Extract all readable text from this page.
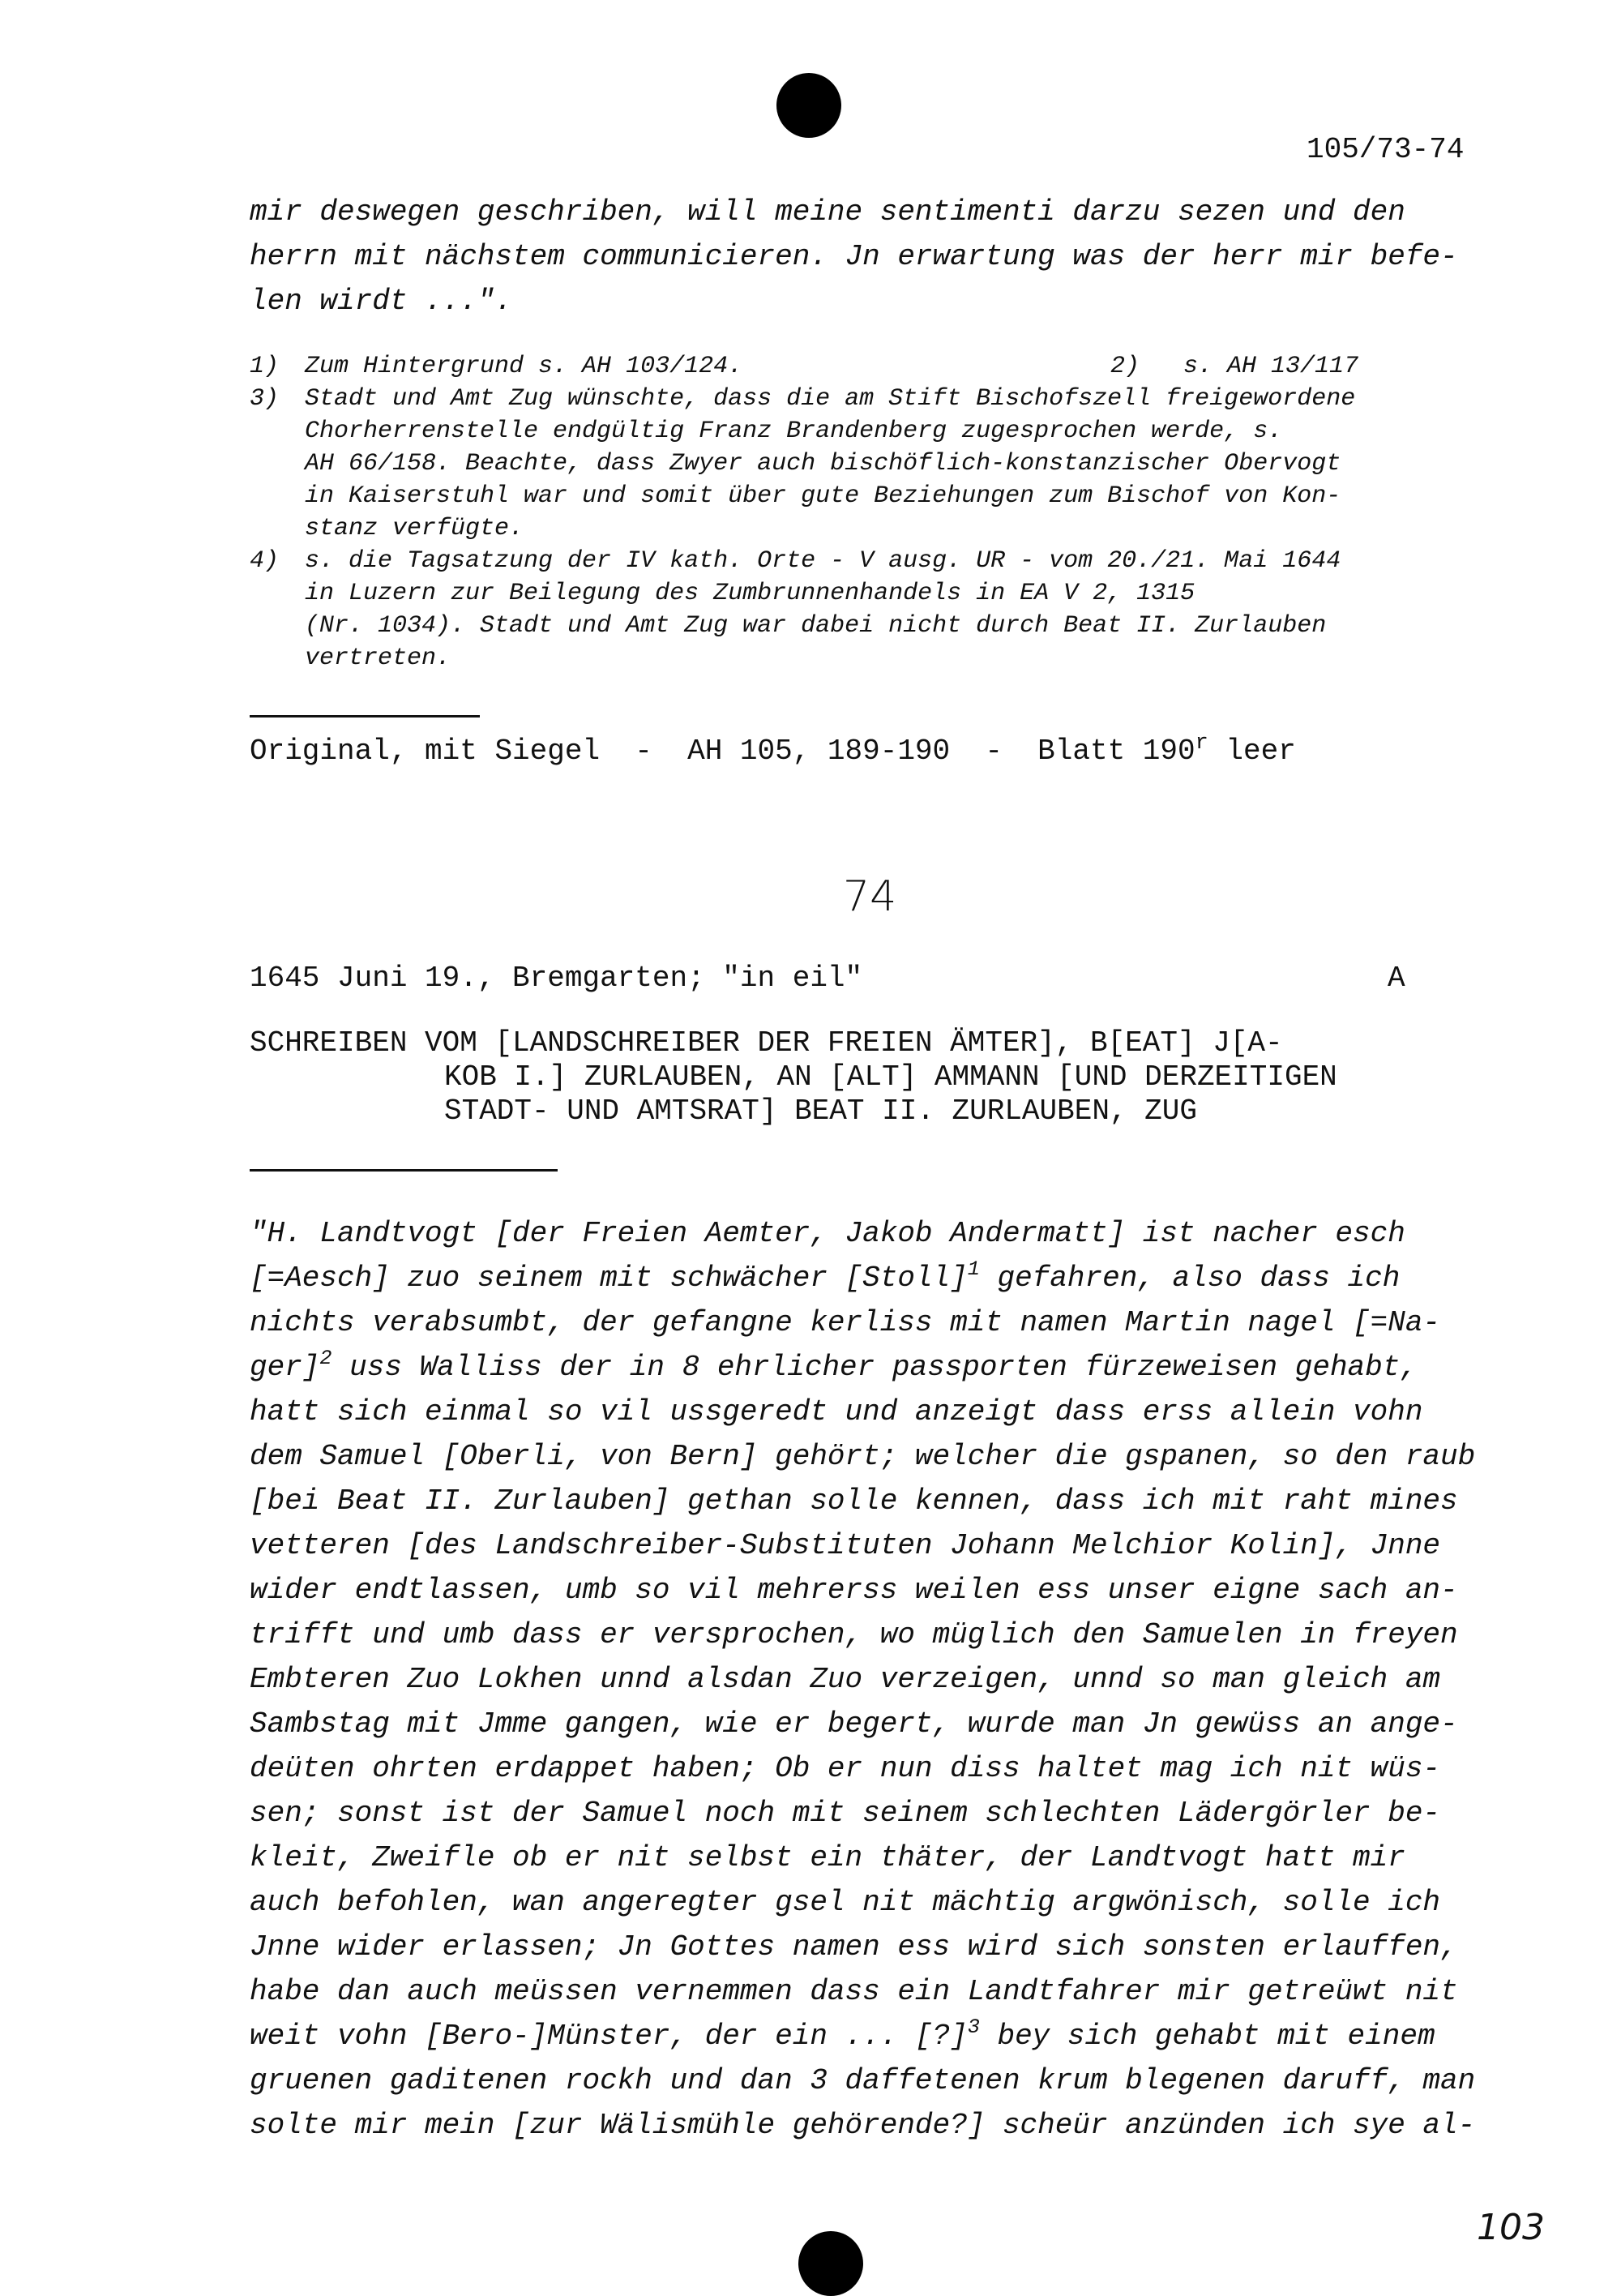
105/73-74
mir deswegen geschriben, will meine sentimenti darzu sezen und den
herrn mit nächstem communicieren. Jn erwartung was der herr mir befe-
len wirdt ...".

1)

Zum Hintergrund s. AH 103/124.

	2)

s. AH 13/117

3)

Stadt und Amt Zug wünschte, dass die am Stift Bischofszell freigewordene

Chorherrenstelle endgültig Franz Brandenberg zugesprochen werde, s.
AH 66/158. Beachte, dass Zwyer auch bischöflich-konstanzischer Obervogt
in Kaiserstuhl war und somit über gute Beziehungen zum Bischof von Kon-
stanz verfügte.

4)

s. die Tagsatzung der IV kath. Orte - V ausg. UR - vom 20./21. Mai 1644

in Luzern zur Beilegung des Zumbrunnenhandels in EA V 2, 1315
(Nr. 1034). Stadt und Amt Zug war dabei nicht durch Beat II. Zurlauben
vertreten.
Original, mit Siegel  -  AH 105, 189-190  -  Blatt 190$^r$ leer
74
1645 Juni 19., Bremgarten; "in eil"	A
SCHREIBEN VOM [LANDSCHREIBER DER FREIEN ÄMTER], B[EAT] J[A-
KOB I.] ZURLAUBEN, AN [ALT] AMMANN [UND DERZEITIGEN
STADT- UND AMTSRAT] BEAT II. ZURLAUBEN, ZUG
"H. Landtvogt [der Freien Aemter, Jakob Andermatt] ist nacher esch
[=Aesch] zuo seinem mit schwächer [Stoll]$^1$ gefahren, also dass ich
nichts verabsumbt, der gefangne kerliss mit namen Martin nagel [=Na-
ger]$^2$ uss Walliss der in 8 ehrlicher passporten fürzeweisen gehabt,
hatt sich einmal so vil ussgeredt und anzeigt dass erss allein vohn
dem Samuel [Oberli, von Bern] gehört; welcher die gspanen, so den raub
[bei Beat II. Zurlauben] gethan solle kennen, dass ich mit raht mines
vetteren [des Landschreiber-Substituten Johann Melchior Kolin], Jnne
wider endtlassen, umb so vil mehrerss weilen ess unser eigne sach an-
trifft und umb dass er versprochen, wo müglich den Samuelen in freyen
Embteren Zuo Lokhen unnd alsdan Zuo verzeigen, unnd so man gleich am
Sambstag mit Jmme gangen, wie er begert, wurde man Jn gewüss an ange-
deüten ohrten erdappet haben; Ob er nun diss haltet mag ich nit wüs-
sen; sonst ist der Samuel noch mit seinem schlechten Lädergörler be-
kleit, Zweifle ob er nit selbst ein thäter, der Landtvogt hatt mir
auch befohlen, wan angeregter gsel nit mächtig argwönisch, solle ich
Jnne wider erlassen; Jn Gottes namen ess wird sich sonsten erlauffen,
habe dan auch meüssen vernemmen dass ein Landtfahrer mir getreüwt nit
weit vohn [Bero-]Münster, der ein ... [?]$^3$ bey sich gehabt mit einem
gruenen gaditenen rockh und dan 3 daffetenen krum blegenen daruff, man
solte mir mein [zur Wälismühle gehörende?] scheür anzünden ich sye al-
103
